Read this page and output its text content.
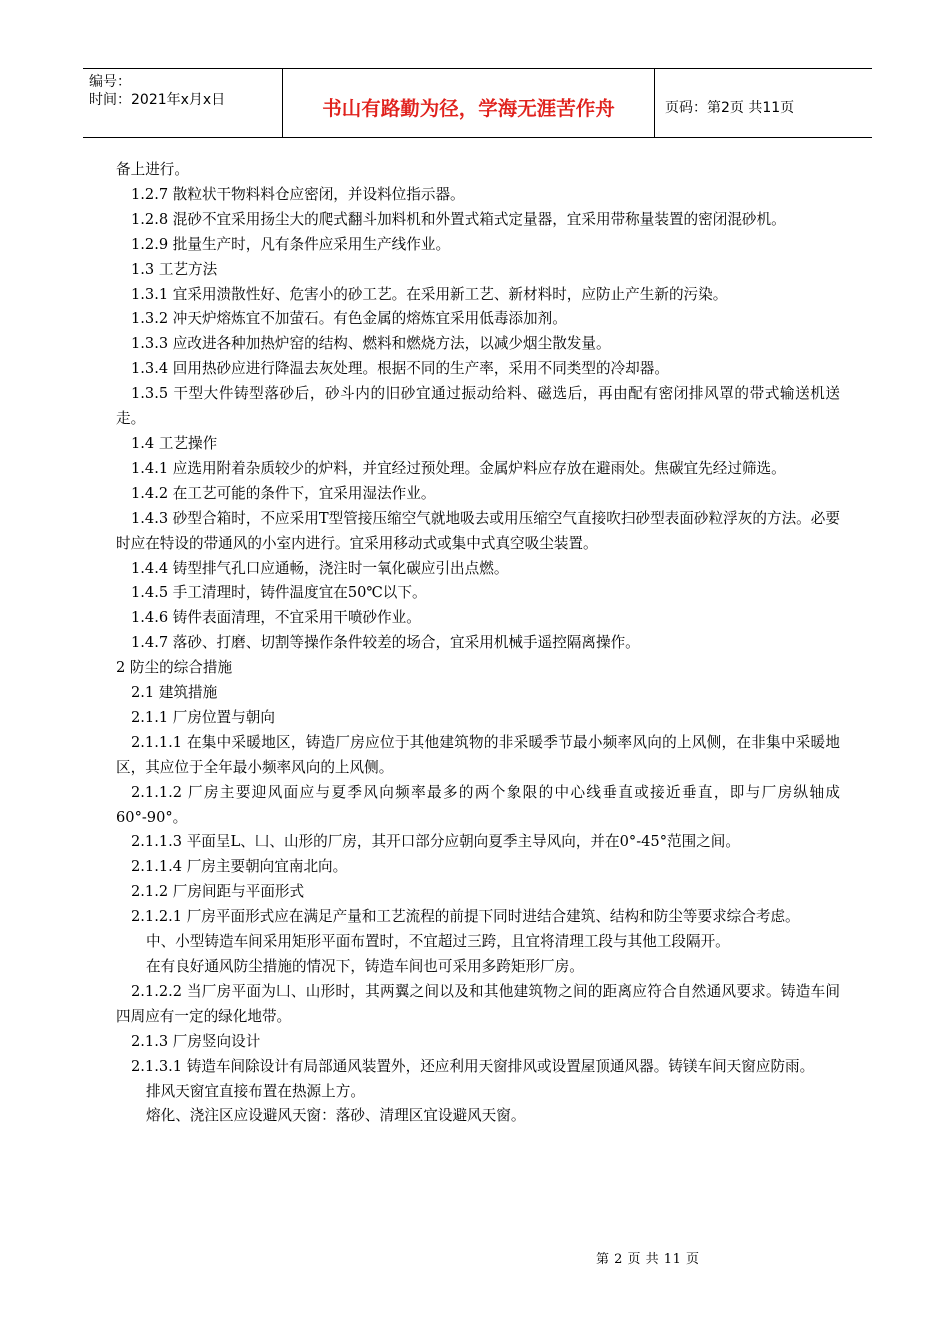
编号：
时间：2021年x月x日	书山有路勤为径，学海无涯苦作舟	页码：第2页 共11页

备上进行。

1.2.7 散粒状干物料料仓应密闭，并设料位指示器。

1.2.8 混砂不宜采用扬尘大的爬式翻斗加料机和外置式箱式定量器，宜采用带称量装置的密闭混砂机。

1.2.9 批量生产时，凡有条件应采用生产线作业。

1.3 工艺方法

1.3.1 宜采用溃散性好、危害小的砂工艺。在采用新工艺、新材料时，应防止产生新的污染。

1.3.2 冲天炉熔炼宜不加萤石。有色金属的熔炼宜采用低毒添加剂。

1.3.3 应改进各种加热炉窑的结构、燃料和燃烧方法，以减少烟尘散发量。

1.3.4 回用热砂应进行降温去灰处理。根据不同的生产率，采用不同类型的冷却器。

1.3.5 干型大件铸型落砂后，砂斗内的旧砂宜通过振动给料、磁选后，再由配有密闭排风罩的带式输送机送走。

1.4 工艺操作

1.4.1 应选用附着杂质较少的炉料，并宜经过预处理。金属炉料应存放在避雨处。焦碳宜先经过筛选。

1.4.2 在工艺可能的条件下，宜采用湿法作业。

1.4.3 砂型合箱时，不应采用T型管接压缩空气就地吸去或用压缩空气直接吹扫砂型表面砂粒浮灰的方法。必要时应在特设的带通风的小室内进行。宜采用移动式或集中式真空吸尘装置。

1.4.4 铸型排气孔口应通畅，浇注时一氧化碳应引出点燃。

1.4.5 手工清理时，铸件温度宜在50℃以下。

1.4.6 铸件表面清理，不宜采用干喷砂作业。

1.4.7 落砂、打磨、切割等操作条件较差的场合，宜采用机械手遥控隔离操作。

2 防尘的综合措施

2.1 建筑措施

2.1.1 厂房位置与朝向

2.1.1.1 在集中采暖地区，铸造厂房应位于其他建筑物的非采暖季节最小频率风向的上风侧，在非集中采暖地区，其应位于全年最小频率风向的上风侧。

2.1.1.2 厂房主要迎风面应与夏季风向频率最多的两个象限的中心线垂直或接近垂直，即与厂房纵轴成60°-90°。

2.1.1.3 平面呈L、凵、山形的厂房，其开口部分应朝向夏季主导风向，并在0°-45°范围之间。

2.1.1.4 厂房主要朝向宜南北向。

2.1.2 厂房间距与平面形式

2.1.2.1 厂房平面形式应在满足产量和工艺流程的前提下同时进结合建筑、结构和防尘等要求综合考虑。

中、小型铸造车间采用矩形平面布置时，不宜超过三跨，且宜将清理工段与其他工段隔开。

在有良好通风防尘措施的情况下，铸造车间也可采用多跨矩形厂房。

2.1.2.2 当厂房平面为凵、山形时，其两翼之间以及和其他建筑物之间的距离应符合自然通风要求。铸造车间四周应有一定的绿化地带。

2.1.3 厂房竖向设计

2.1.3.1 铸造车间除设计有局部通风装置外，还应利用天窗排风或设置屋顶通风器。铸镁车间天窗应防雨。

排风天窗宜直接布置在热源上方。

熔化、浇注区应设避风天窗：落砂、清理区宜设避风天窗。

第 2 页 共 11 页
